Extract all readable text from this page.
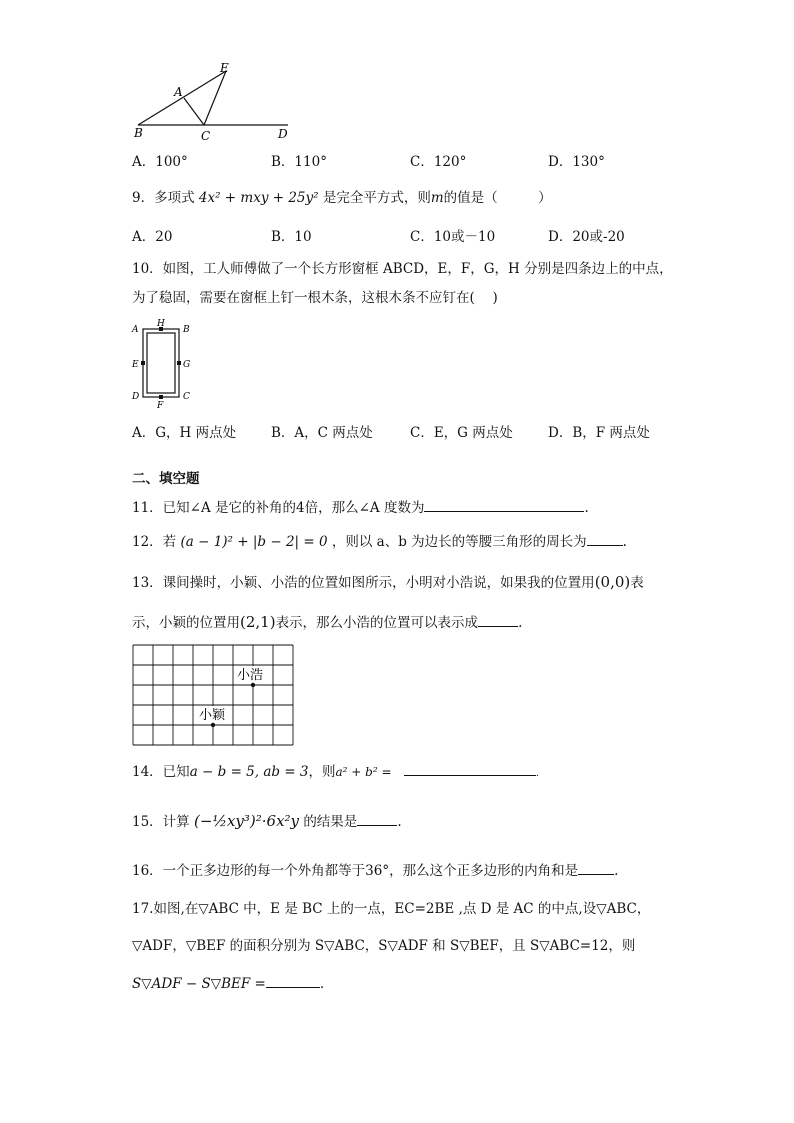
E
A
B	C	D
A．100°	B．110°	C．120°	D．130°
9．多项式 4x² + mxy + 25y² 是完全平方式，则m的值是（　　　）
A．20	B．10	C．10或－10	D．20或-20
10．如图，工人师傅做了一个长方形窗框 ABCD，E，F，G，H 分别是四条边上的中点，
为了稳固，需要在窗框上钉一根木条，这根木条不应钉在(　 )
A
H
B
E	G
D
F
C
A．G，H 两点处	B．A，C 两点处	C．E，G 两点处	D．B，F 两点处
二、填空题
11．已知∠A 是它的补角的4倍，那么∠A 度数为	.
12．若 (a − 1)² + |b − 2| = 0 ，则以 a、b 为边长的等腰三角形的周长为	.
13．课间操时，小颖、小浩的位置如图所示，小明对小浩说，如果我的位置用(0,0)表
示，小颖的位置用(2,1)表示，那么小浩的位置可以表示成	.
小浩
小颖
14．已知a − b = 5, ab = 3，则a² + b² =	.
15．计算 (−½xy³)²·6x²y 的结果是	.
16．一个正多边形的每一个外角都等于36°，那么这个正多边形的内角和是	.
17.如图,在▽ABC 中，E 是 BC 上的一点，EC=2BE ,点 D 是 AC 的中点,设▽ABC，
▽ADF，▽BEF 的面积分别为 S▽ABC，S▽ADF 和 S▽BEF，且 S▽ABC=12，则
S▽ADF − S▽BEF =	.
